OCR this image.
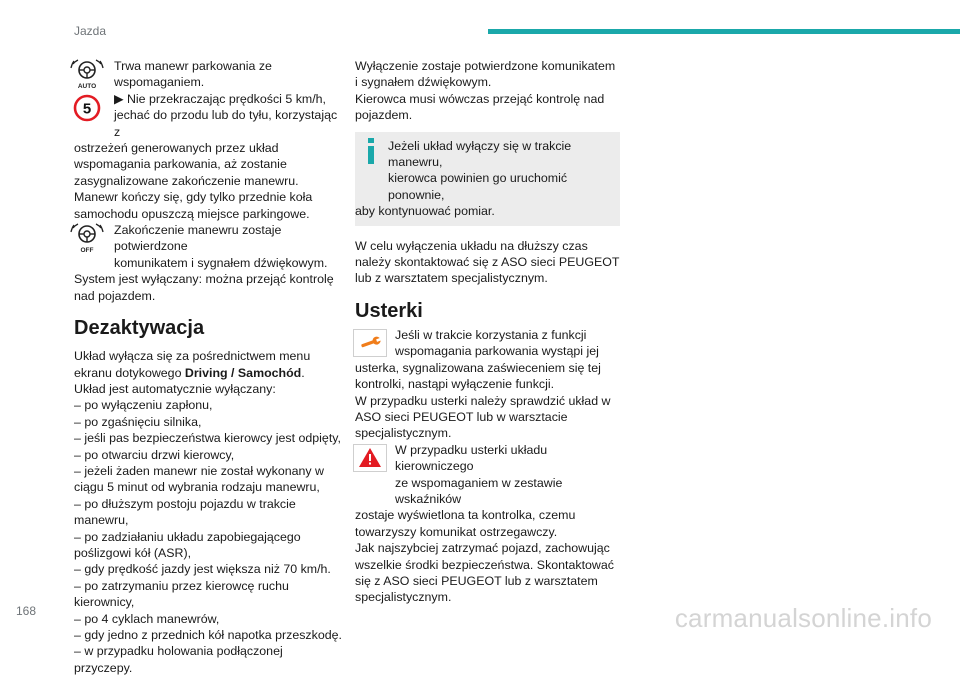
Jazda
AUTO
5

Trwa manewr parkowania ze

wspomaganiem.

▶ Nie przekraczając prędkości 5 km/h,

jechać do przodu lub do tyłu, korzystając z

ostrzeżeń generowanych przez układ wspomagania parkowania, aż zostanie zasygnalizowane zakończenie manewru.

Manewr kończy się, gdy tylko przednie koła samochodu opuszczą miejsce parkingowe.

OFF

Zakończenie manewru zostaje potwierdzone

komunikatem i sygnałem dźwiękowym.

System jest wyłączany: można przejąć kontrolę nad pojazdem.

Dezaktywacja

Układ wyłącza się za pośrednictwem menu ekranu dotykowego Driving / Samochód.

Układ jest automatycznie wyłączany:

– po wyłączeniu zapłonu,

– po zgaśnięciu silnika,

– jeśli pas bezpieczeństwa kierowcy jest odpięty,

– po otwarciu drzwi kierowcy,

– jeżeli żaden manewr nie został wykonany w ciągu 5 minut od wybrania rodzaju manewru,

– po dłuższym postoju pojazdu w trakcie manewru,

– po zadziałaniu układu zapobiegającego poślizgowi kół (ASR),

– gdy prędkość jazdy jest większa niż 70 km/h.

– po zatrzymaniu przez kierowcę ruchu kierownicy,

– po 4 cyklach manewrów,

– gdy jedno z przednich kół napotka przeszkodę.

– w przypadku holowania podłączonej przyczepy.

Wyłączenie zostaje potwierdzone komunikatem i sygnałem dźwiękowym.

Kierowca musi wówczas przejąć kontrolę nad pojazdem.

Jeżeli układ wyłączy się w trakcie manewru,

kierowca powinien go uruchomić ponownie,

aby kontynuować pomiar.

W celu wyłączenia układu na dłuższy czas należy skontaktować się z ASO sieci PEUGEOT lub z warsztatem specjalistycznym.

Usterki

Jeśli w trakcie korzystania z funkcji

wspomagania parkowania wystąpi jej

usterka, sygnalizowana zaświeceniem się tej kontrolki, nastąpi wyłączenie funkcji.

W przypadku usterki należy sprawdzić układ w ASO sieci PEUGEOT lub w warsztacie specjalistycznym.

W przypadku usterki układu kierowniczego

ze wspomaganiem w zestawie wskaźników

zostaje wyświetlona ta kontrolka, czemu towarzyszy komunikat ostrzegawczy.

Jak najszybciej zatrzymać pojazd, zachowując wszelkie środki bezpieczeństwa. Skontaktować się z ASO sieci PEUGEOT lub z warsztatem specjalistycznym.

168	carmanualsonline.info
